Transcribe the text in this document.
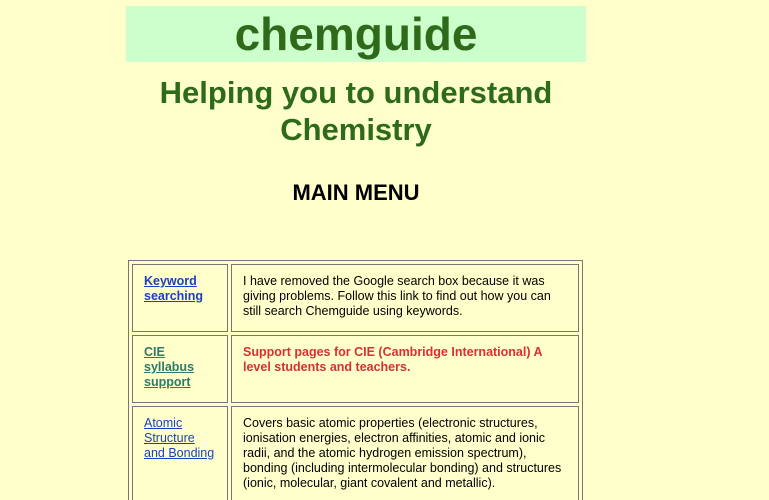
chemguide
Helping you to understand Chemistry
MAIN MENU
Keyword searching	I have removed the Google search box because it was giving problems. Follow this link to find out how you can still search Chemguide using keywords.
CIE syllabus support	Support pages for CIE (Cambridge International) A level students and teachers.
Atomic Structure and Bonding	Covers basic atomic properties (electronic structures, ionisation energies, electron affinities, atomic and ionic radii, and the atomic hydrogen emission spectrum), bonding (including intermolecular bonding) and structures (ionic, molecular, giant covalent and metallic).
